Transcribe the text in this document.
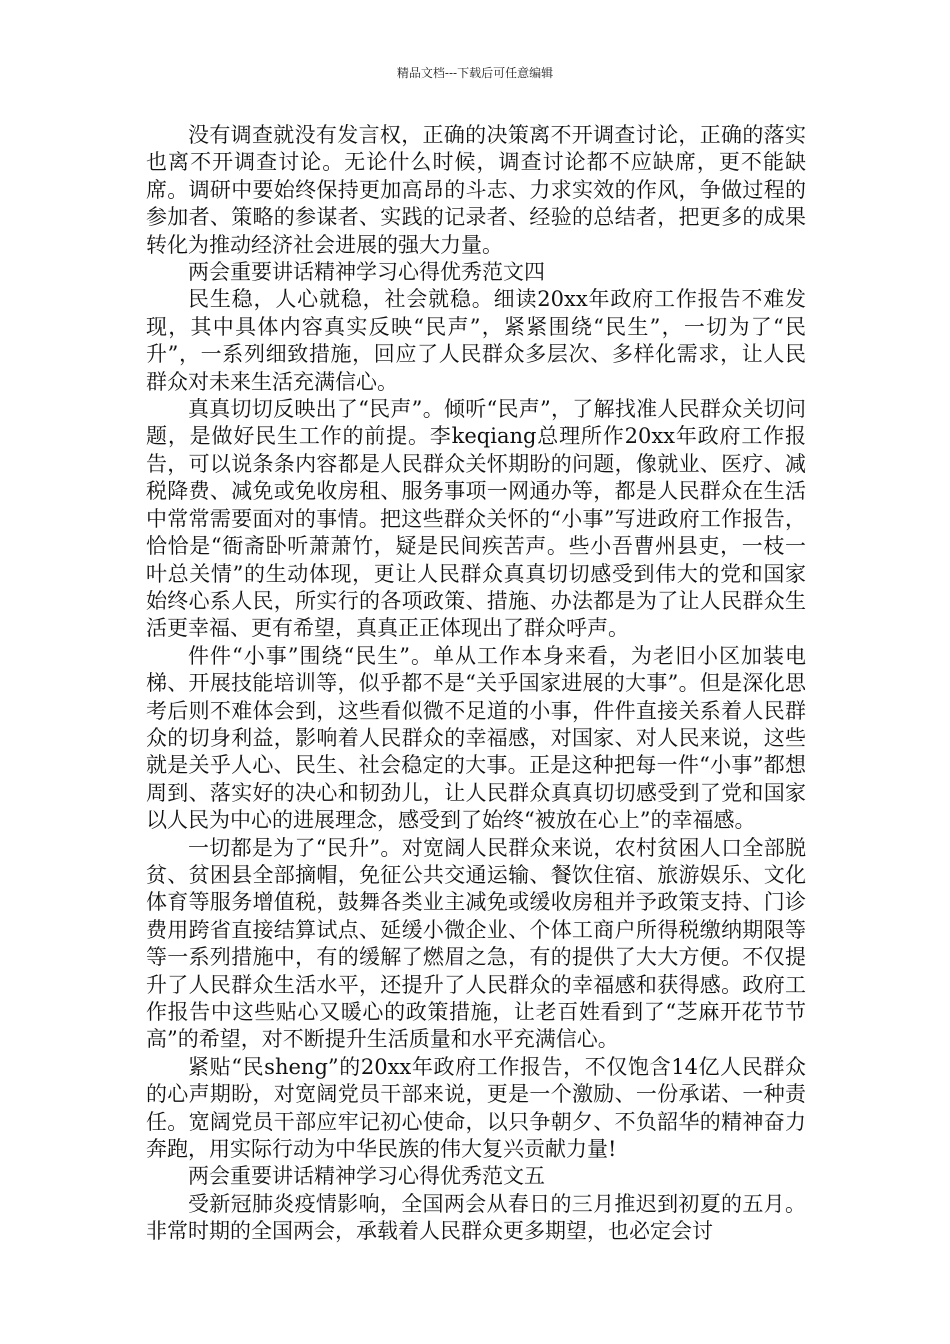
精品文档---下载后可任意编辑

没有调查就没有发言权，正确的决策离不开调查讨论，正确的落实也离不开调查讨论。无论什么时候，调查讨论都不应缺席，更不能缺席。调研中要始终保持更加高昂的斗志、力求实效的作风，争做过程的参加者、策略的参谋者、实践的记录者、经验的总结者，把更多的成果转化为推动经济社会进展的强大力量。

两会重要讲话精神学习心得优秀范文四

民生稳，人心就稳，社会就稳。细读20xx年政府工作报告不难发现，其中具体内容真实反映“民声”，紧紧围绕“民生”，一切为了“民升”，一系列细致措施，回应了人民群众多层次、多样化需求，让人民群众对未来生活充满信心。

真真切切反映出了“民声”。倾听“民声”，了解找准人民群众关切问题，是做好民生工作的前提。李keqiang总理所作20xx年政府工作报告，可以说条条内容都是人民群众关怀期盼的问题，像就业、医疗、减税降费、减免或免收房租、服务事项一网通办等，都是人民群众在生活中常常需要面对的事情。把这些群众关怀的“小事”写进政府工作报告，恰恰是“衙斋卧听萧萧竹，疑是民间疾苦声。些小吾曹州县吏，一枝一叶总关情”的生动体现，更让人民群众真真切切感受到伟大的党和国家始终心系人民，所实行的各项政策、措施、办法都是为了让人民群众生活更幸福、更有希望，真真正正体现出了群众呼声。

件件“小事”围绕“民生”。单从工作本身来看，为老旧小区加装电梯、开展技能培训等，似乎都不是“关乎国家进展的大事”。但是深化思考后则不难体会到，这些看似微不足道的小事，件件直接关系着人民群众的切身利益，影响着人民群众的幸福感，对国家、对人民来说，这些就是关乎人心、民生、社会稳定的大事。正是这种把每一件“小事”都想周到、落实好的决心和韧劲儿，让人民群众真真切切感受到了党和国家以人民为中心的进展理念，感受到了始终“被放在心上”的幸福感。

一切都是为了“民升”。对宽阔人民群众来说，农村贫困人口全部脱贫、贫困县全部摘帽，免征公共交通运输、餐饮住宿、旅游娱乐、文化体育等服务增值税，鼓舞各类业主减免或缓收房租并予政策支持、门诊费用跨省直接结算试点、延缓小微企业、个体工商户所得税缴纳期限等等一系列措施中，有的缓解了燃眉之急，有的提供了大大方便。不仅提升了人民群众生活水平，还提升了人民群众的幸福感和获得感。政府工作报告中这些贴心又暖心的政策措施，让老百姓看到了“芝麻开花节节高”的希望，对不断提升生活质量和水平充满信心。

紧贴“民sheng”的20xx年政府工作报告，不仅饱含14亿人民群众的心声期盼，对宽阔党员干部来说，更是一个激励、一份承诺、一种责任。宽阔党员干部应牢记初心使命，以只争朝夕、不负韶华的精神奋力奔跑，用实际行动为中华民族的伟大复兴贡献力量!

两会重要讲话精神学习心得优秀范文五

受新冠肺炎疫情影响，全国两会从春日的三月推迟到初夏的五月。非常时期的全国两会，承载着人民群众更多期望，也必定会讨
